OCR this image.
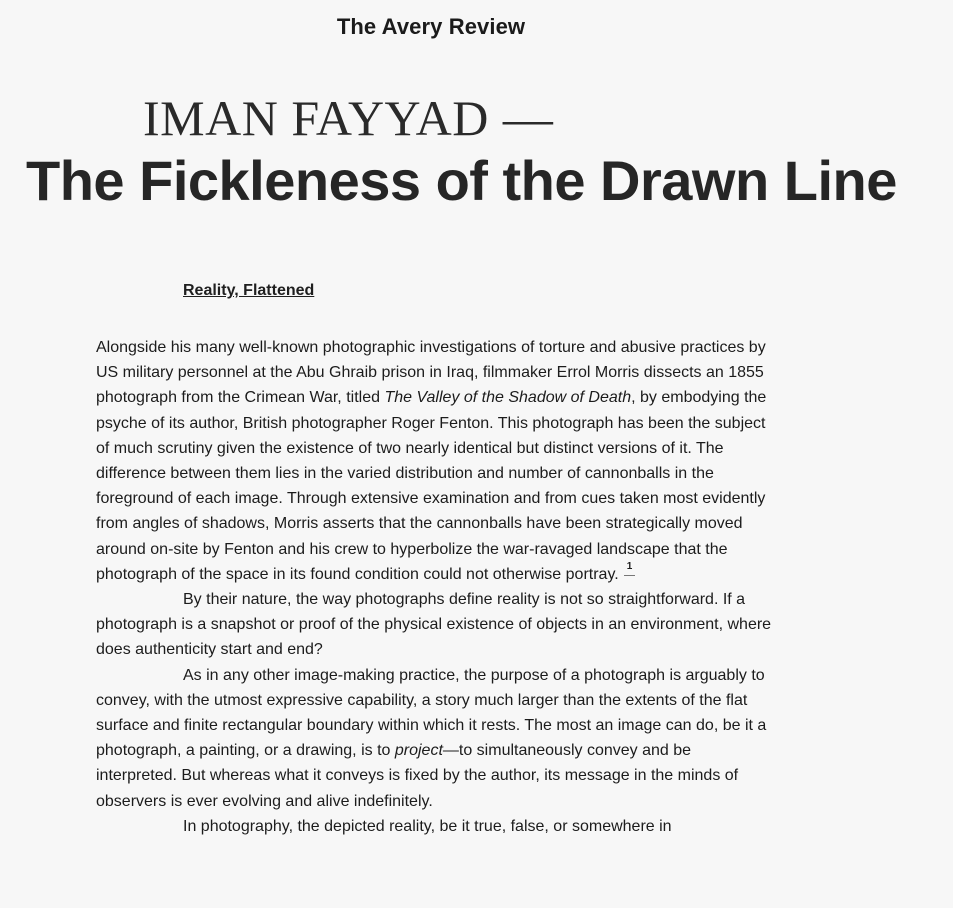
The Avery Review
IMAN FAYYAD —
The Fickleness of the Drawn Line
Reality, Flattened

Alongside his many well-known photographic investigations of torture and abusive practices by US military personnel at the Abu Ghraib prison in Iraq, filmmaker Errol Morris dissects an 1855 photograph from the Crimean War, titled The Valley of the Shadow of Death, by embodying the psyche of its author, British photographer Roger Fenton. This photograph has been the subject of much scrutiny given the existence of two nearly identical but distinct versions of it. The difference between them lies in the varied distribution and number of cannonballs in the foreground of each image. Through extensive examination and from cues taken most evidently from angles of shadows, Morris asserts that the cannonballs have been strategically moved around on-site by Fenton and his crew to hyperbolize the war-ravaged landscape that the photograph of the space in its found condition could not otherwise portray. 1

By their nature, the way photographs define reality is not so straightforward. If a photograph is a snapshot or proof of the physical existence of objects in an environment, where does authenticity start and end?

As in any other image-making practice, the purpose of a photograph is arguably to convey, with the utmost expressive capability, a story much larger than the extents of the flat surface and finite rectangular boundary within which it rests. The most an image can do, be it a photograph, a painting, or a drawing, is to project—to simultaneously convey and be interpreted. But whereas what it conveys is fixed by the author, its message in the minds of observers is ever evolving and alive indefinitely.

In photography, the depicted reality, be it true, false, or somewhere in
